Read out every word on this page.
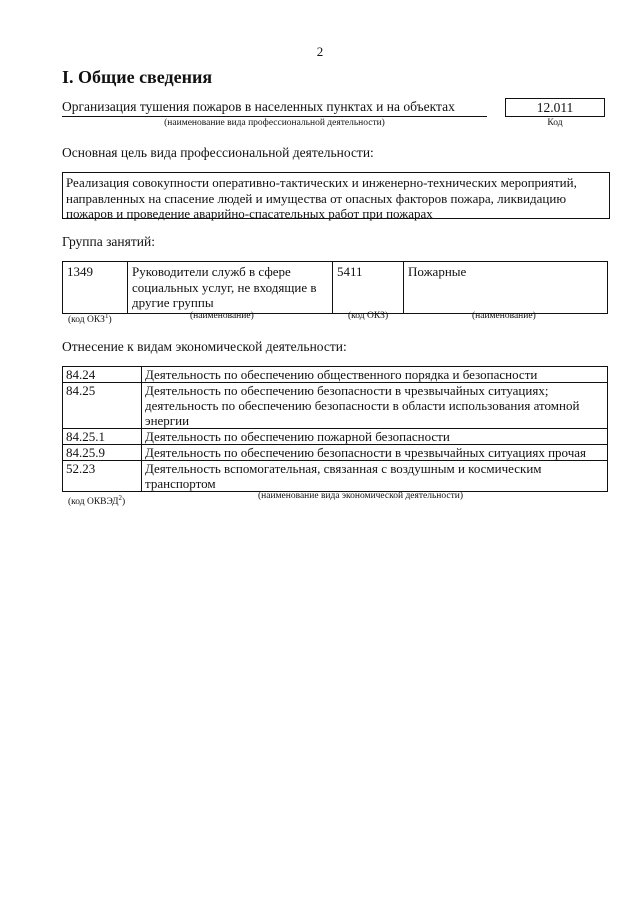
2
I. Общие сведения
Организация тушения пожаров в населенных пунктах и на объектах
(наименование вида профессиональной деятельности)
12.011
Код
Основная цель вида профессиональной деятельности:
Реализация совокупности оперативно-тактических и инженерно-технических мероприятий, направленных на спасение людей и имущества от опасных факторов пожара, ликвидацию пожаров и проведение аварийно-спасательных работ при пожарах
Группа занятий:
1349	Руководители служб в сфере социальных услуг, не входящие в другие группы	5411	Пожарные
(код ОКЗ$^1$)	(наименование)	(код ОКЗ)	(наименование)
Отнесение к видам экономической деятельности:
84.24	Деятельность по обеспечению общественного порядка и безопасности
84.25	Деятельность по обеспечению безопасности в чрезвычайных ситуациях; деятельность по обеспечению безопасности в области использования атомной энергии
84.25.1	Деятельность по обеспечению пожарной безопасности
84.25.9	Деятельность по обеспечению безопасности в чрезвычайных ситуациях прочая
52.23	Деятельность вспомогательная, связанная с воздушным и космическим транспортом
(код ОКВЭД$^2$)
(наименование вида экономической деятельности)
